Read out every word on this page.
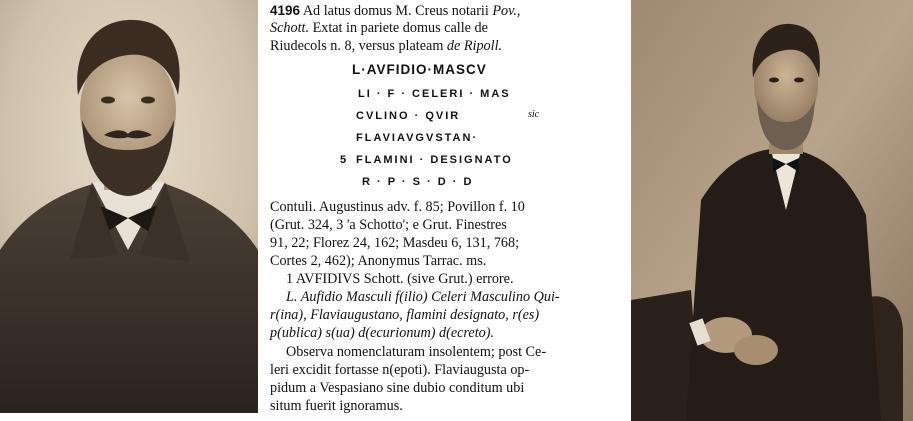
4196 Ad latus domus M. Creus notarii Pov.,
Schott. Extat in pariete domus calle de
Riudecols n. 8, versus plateam de Ripoll.
L·AVFIDIO·MASCV
LI · F · CELERI · MAS
CVLINO · QVIR	sic
FLAVIAVGVSTAN·
5 FLAMINI · DESIGNATO
R · P · S · D · D
Contuli. Augustinus adv. f. 85; Povillon f. 10
(Grut. 324, 3 'a Schotto'; e Grut. Finestres
91, 22; Florez 24, 162; Masdeu 6, 131, 768;
Cortes 2, 462); Anonymus Tarrac. ms.
1 AVFIDIVS Schott. (sive Grut.) errore.
L. Aufidio Masculi f(ilio) Celeri Masculino Qui-
r(ina), Flaviaugustano, flamini designato, r(es)
p(ublica) s(ua) d(ecurionum) d(ecreto).
Observa nomenclaturam insolentem; post Ce-
leri excidit fortasse n(epoti). Flaviaugusta op-
pidum a Vespasiano sine dubio conditum ubi
situm fuerit ignoramus.
